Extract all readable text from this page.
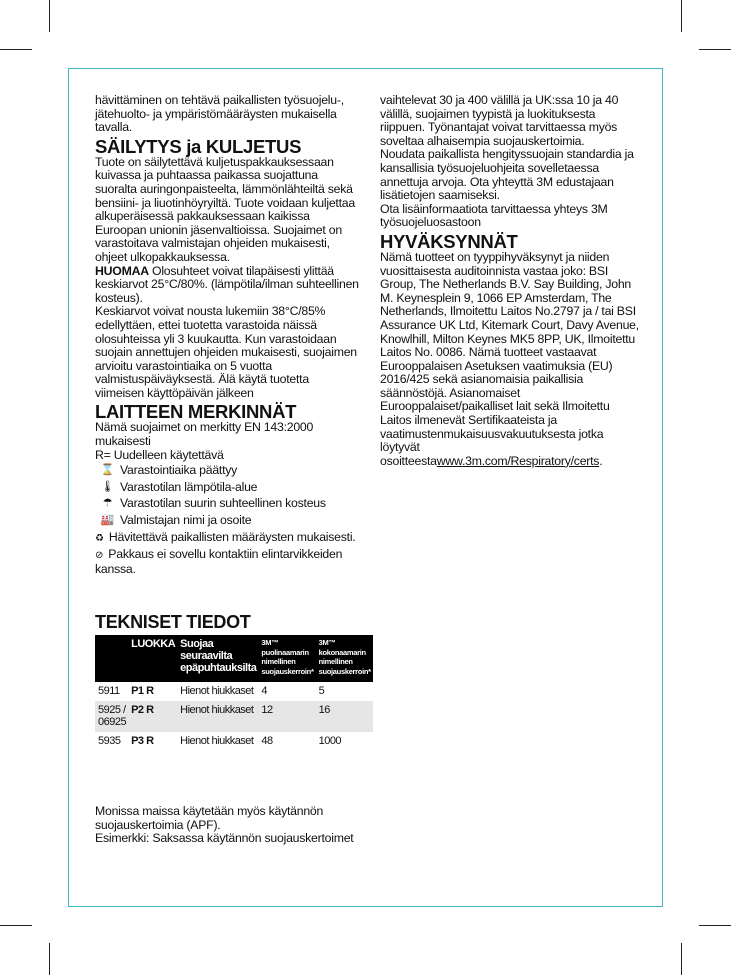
hävittäminen on tehtävä paikallisten työsuojelu-, jätehuolto- ja ympäristömääräysten mukaisella tavalla.

SÄILYTYS ja KULJETUS

Tuote on säilytettävä kuljetuspakkauksessaan kuivassa ja puhtaassa paikassa suojattuna suoralta auringonpaisteelta, lämmönlähteiltä sekä bensiini- ja liuotinhöyryiltä. Tuote voidaan kuljettaa alkuperäisessä pakkauksessaan kaikissa Euroopan unionin jäsenvaltioissa. Suojaimet on varastoitava valmistajan ohjeiden mukaisesti, ohjeet ulkopakkauksessa.

HUOMAA Olosuhteet voivat tilapäisesti ylittää keskiarvot 25°C/80%. (lämpötila/ilman suhteellinen kosteus).

Keskiarvot voivat nousta lukemiin 38°C/85% edellyttäen, ettei tuotetta varastoida näissä olosuhteissa yli 3 kuukautta. Kun varastoidaan suojain annettujen ohjeiden mukaisesti, suojaimen arvioitu varastointiaika on 5 vuotta valmistuspäiväyksestä. Älä käytä tuotetta viimeisen käyttöpäivän jälkeen

LAITTEEN MERKINNÄT

Nämä suojaimet on merkitty EN 143:2000 mukaisesti

R= Uudelleen käytettävä

⌛ Varastointiaika päättyy
🌡 Varastotilan lämpötila-alue
☂ Varastotilan suurin suhteellinen kosteus
🏭 Valmistajan nimi ja osoite

♻ Hävitettävä paikallisten määräysten mukaisesti.

⊘ Pakkaus ei sovellu kontaktiin elintarvikkeiden kanssa.

TEKNISET TIEDOT
	LUOKKA	Suojaa seuraavilta epäpuhtauksilta	3M™ puolinaamarin nimellinen suojauskerroin*	3M™ kokonaamarin nimellinen suojauskerroin*
5911	P1 R	Hienot hiukkaset	4	5
5925 / 06925	P2 R	Hienot hiukkaset	12	16
5935	P3 R	Hienot hiukkaset	48	1000

Monissa maissa käytetään myös käytännön suojauskertoimia (APF).

Esimerkki: Saksassa käytännön suojauskertoimet

vaihtelevat 30 ja 400 välillä ja UK:ssa 10 ja 40 välillä, suojaimen tyypistä ja luokituksesta riippuen. Työnantajat voivat tarvittaessa myös soveltaa alhaisempia suojauskertoimia.

Noudata paikallista hengityssuojain standardia ja kansallisia työsuojeluohjeita sovelletaessa annettuja arvoja. Ota yhteyttä 3M edustajaan lisätietojen saamiseksi.

Ota lisäinformaatiota tarvittaessa yhteys 3M työsuojeluosastoon

HYVÄKSYNNÄT

Nämä tuotteet on tyyppihyväksynyt ja niiden vuosittaisesta auditoinnista vastaa joko: BSI Group, The Netherlands B.V. Say Building, John M. Keynesplein 9, 1066 EP Amsterdam, The Netherlands, Ilmoitettu Laitos No.2797 ja / tai BSI Assurance UK Ltd, Kitemark Court, Davy Avenue, Knowlhill, Milton Keynes MK5 8PP, UK, Ilmoitettu Laitos No. 0086. Nämä tuotteet vastaavat Eurooppalaisen Asetuksen vaatimuksia (EU) 2016/425 sekä asianomaisia paikallisia säännöstöjä. Asianomaiset Eurooppalaiset/paikalliset lait sekä Ilmoitettu Laitos ilmenevät Sertifikaateista ja vaatimustenmukaisuusvakuutuksesta jotka löytyvät osoitteestawww.3m.com/Respiratory/certs.
